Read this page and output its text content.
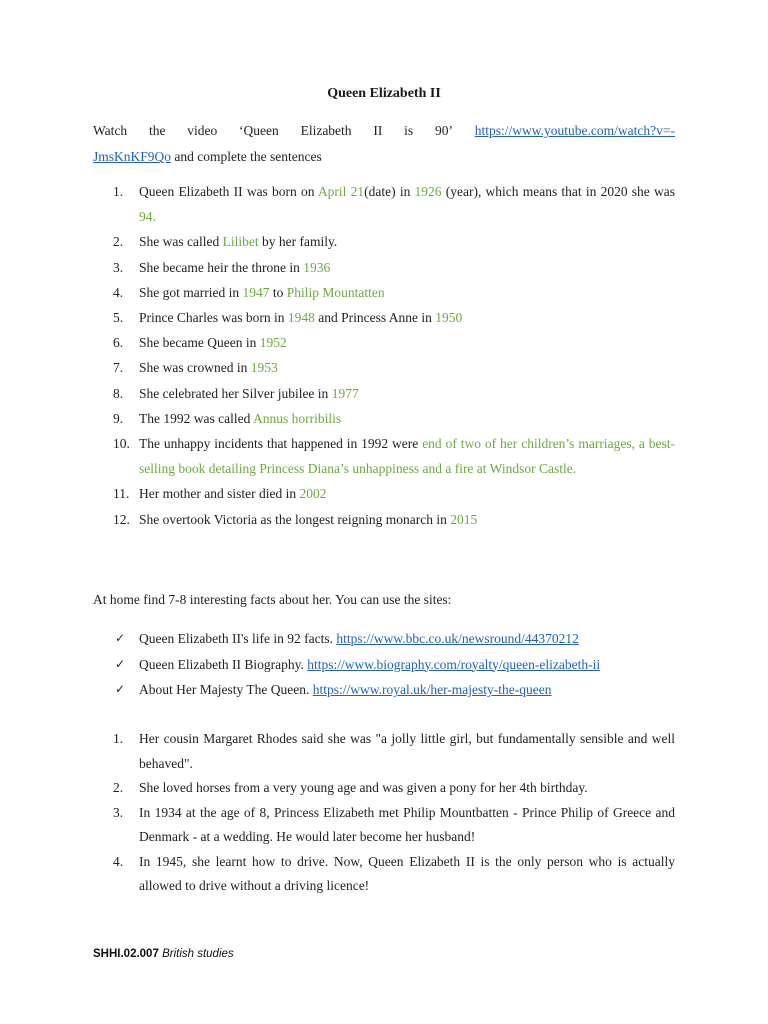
Queen Elizabeth II
Watch the video ‘Queen Elizabeth II is 90’ https://www.youtube.com/watch?v=-
JmsKnKF9Qo and complete the sentences
1.	Queen Elizabeth II was born on April 21(date) in 1926 (year), which means that in 2020 she was 94.
2.	She was called Lilibet by her family.
3.	She became heir the throne in 1936
4.	She got married in 1947 to Philip Mountatten
5.	Prince Charles was born in 1948 and Princess Anne in 1950
6.	She became Queen in 1952
7.	She was crowned in 1953
8.	She celebrated her Silver jubilee in 1977
9.	The 1992 was called Annus horribilis
10. The unhappy incidents that happened in 1992 were end of two of her children’s marriages, a best-selling book detailing Princess Diana’s unhappiness and a fire at Windsor Castle.
11. Her mother and sister died in 2002
12. She overtook Victoria as the longest reigning monarch in 2015
At home find 7-8 interesting facts about her. You can use the sites:
✓ Queen Elizabeth II's life in 92 facts. https://www.bbc.co.uk/newsround/44370212
✓ Queen Elizabeth II Biography. https://www.biography.com/royalty/queen-elizabeth-ii
✓ About Her Majesty The Queen. https://www.royal.uk/her-majesty-the-queen
1. Her cousin Margaret Rhodes said she was "a jolly little girl, but fundamentally sensible and well behaved".
2. She loved horses from a very young age and was given a pony for her 4th birthday.
3. In 1934 at the age of 8, Princess Elizabeth met Philip Mountbatten - Prince Philip of Greece and Denmark - at a wedding. He would later become her husband!
4. In 1945, she learnt how to drive. Now, Queen Elizabeth II is the only person who is actually allowed to drive without a driving licence!
SHHI.02.007 British studies
